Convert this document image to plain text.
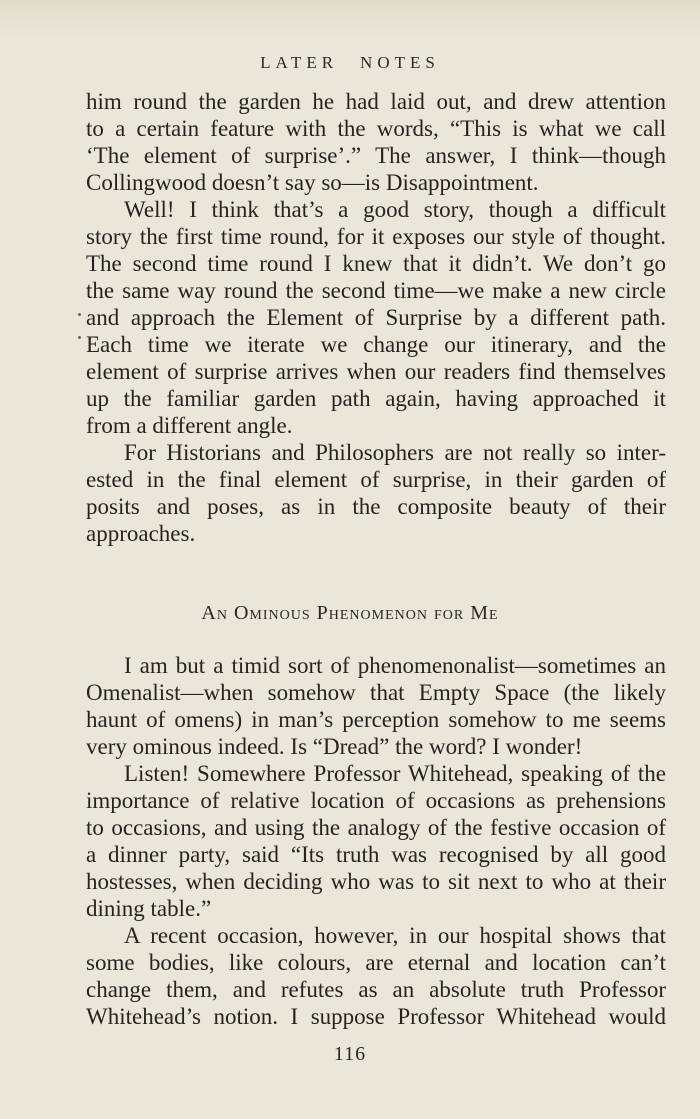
LATER NOTES
him round the garden he had laid out, and drew attention
to a certain feature with the words, “This is what we call
‘The element of surprise’.” The answer, I think—though
Collingwood doesn’t say so—is Disappointment.
Well! I think that’s a good story, though a difficult
story the first time round, for it exposes our style of thought.
The second time round I knew that it didn’t. We don’t go
the same way round the second time—we make a new circle
and approach the Element of Surprise by a different path.
Each time we iterate we change our itinerary, and the
element of surprise arrives when our readers find themselves
up the familiar garden path again, having approached it
from a different angle.
For Historians and Philosophers are not really so inter-
ested in the final element of surprise, in their garden of
posits and poses, as in the composite beauty of their
approaches.
An Ominous Phenomenon for Me
I am but a timid sort of phenomenonalist—sometimes an
Omenalist—when somehow that Empty Space (the likely
haunt of omens) in man’s perception somehow to me seems
very ominous indeed. Is “Dread” the word? I wonder!
Listen! Somewhere Professor Whitehead, speaking of the
importance of relative location of occasions as prehensions
to occasions, and using the analogy of the festive occasion of
a dinner party, said “Its truth was recognised by all good
hostesses, when deciding who was to sit next to who at their
dining table.”
A recent occasion, however, in our hospital shows that
some bodies, like colours, are eternal and location can’t
change them, and refutes as an absolute truth Professor
Whitehead’s notion. I suppose Professor Whitehead would
116
